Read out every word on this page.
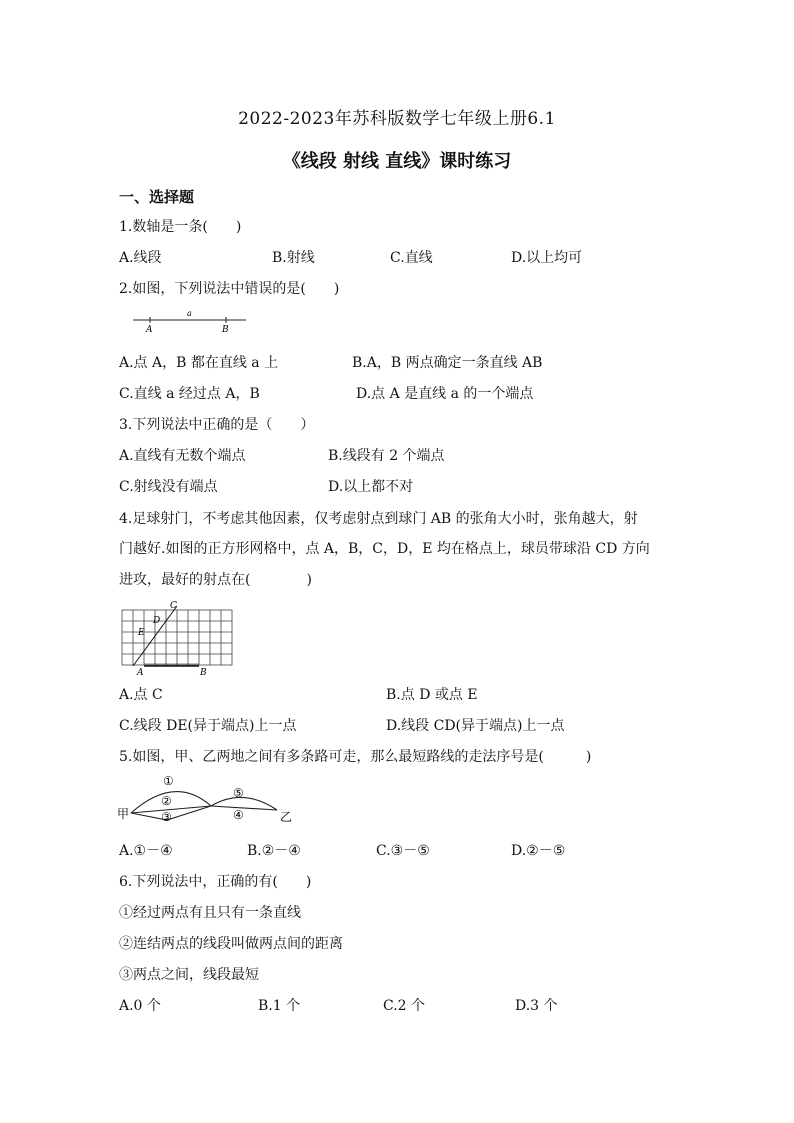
2022-2023年苏科版数学七年级上册6.1
《线段 射线 直线》课时练习
一、选择题
1.数轴是一条(　　)
A.线段	B.射线	C.直线	D.以上均可
2.如图，下列说法中错误的是(　　)
a
A	B
A.点 A，B 都在直线 a 上	B.A，B 两点确定一条直线 AB
C.直线 a 经过点 A，B	D.点 A 是直线 a 的一个端点
3.下列说法中正确的是（　　）
A.直线有无数个端点	B.线段有 2 个端点
C.射线没有端点	D.以上都不对
4.足球射门，不考虑其他因素，仅考虑射点到球门 AB 的张角大小时，张角越大，射
门越好.如图的正方形网格中，点 A，B，C，D，E 均在格点上，球员带球沿 CD 方向
进攻，最好的射点在(　　　　)
C
D
E
A	B
A.点 C	B.点 D 或点 E
C.线段 DE(异于端点)上一点	D.线段 CD(异于端点)上一点
5.如图，甲、乙两地之间有多条路可走，那么最短路线的走法序号是(　　　)
甲	乙
①
②
③
⑤
④
A.①－④	B.②－④	C.③－⑤	D.②－⑤
6.下列说法中，正确的有(　　)
①经过两点有且只有一条直线
②连结两点的线段叫做两点间的距离
③两点之间，线段最短
A.0 个	B.1 个	C.2 个	D.3 个
